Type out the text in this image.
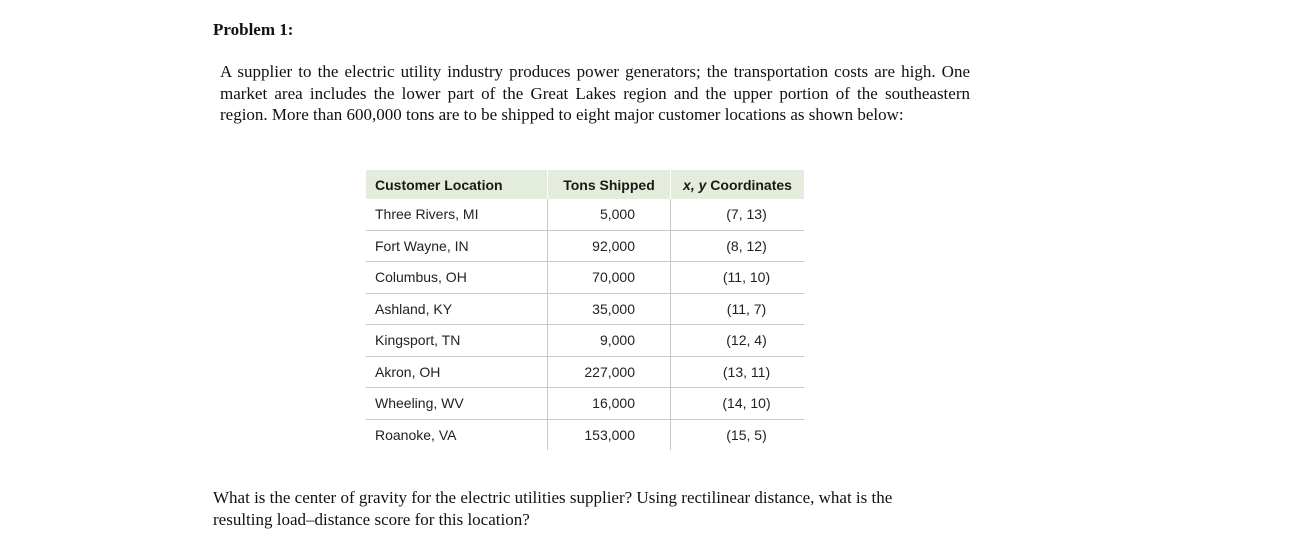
Problem 1:

A supplier to the electric utility industry produces power generators; the transportation costs are high. One market area includes the lower part of the Great Lakes region and the upper portion of the southeastern region. More than 600,000 tons are to be shipped to eight major customer locations as shown below:

Customer Location	Tons Shipped	x, y Coordinates
Three Rivers, MI	5,000	(7, 13)
Fort Wayne, IN	92,000	(8, 12)
Columbus, OH	70,000	(11, 10)
Ashland, KY	35,000	(11, 7)
Kingsport, TN	9,000	(12, 4)
Akron, OH	227,000	(13, 11)
Wheeling, WV	16,000	(14, 10)
Roanoke, VA	153,000	(15, 5)

What is the center of gravity for the electric utilities supplier? Using rectilinear distance, what is the resulting load–distance score for this location?
